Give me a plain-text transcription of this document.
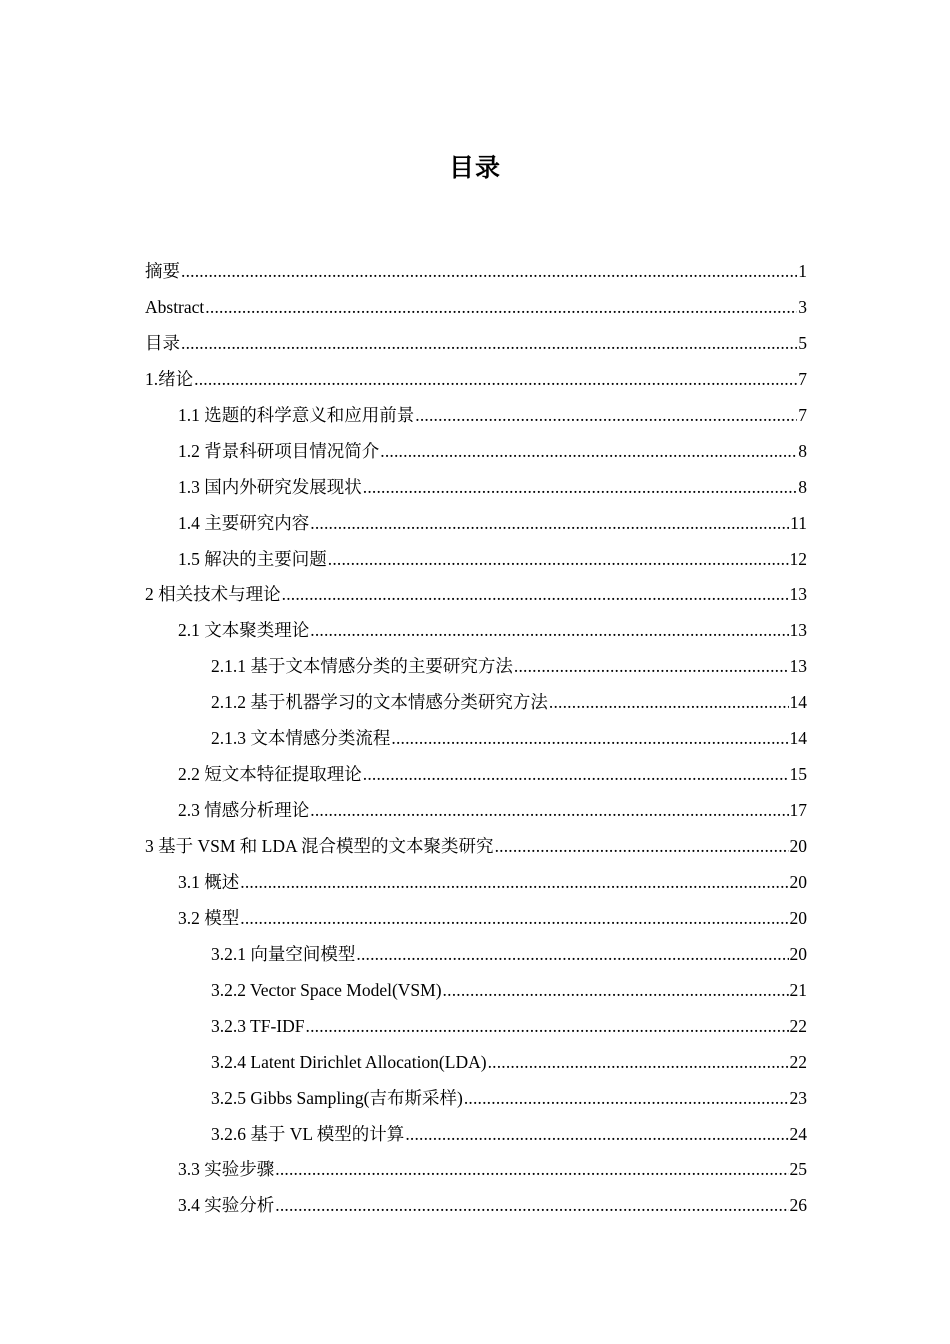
目录
摘要 .....	1
Abstract .....	3
目录 .....	5
1.绪论 .....	7
1.1 选题的科学意义和应用前景 .....	7
1.2 背景科研项目情况简介 .....	8
1.3 国内外研究发展现状 .....	8
1.4 主要研究内容 .....	11
1.5 解决的主要问题 .....	12
2 相关技术与理论 .....	13
2.1 文本聚类理论 .....	13
2.1.1 基于文本情感分类的主要研究方法 .....	13
2.1.2 基于机器学习的文本情感分类研究方法 .....	14
2.1.3 文本情感分类流程 .....	14
2.2 短文本特征提取理论 .....	15
2.3 情感分析理论 .....	17
3 基于 VSM 和 LDA 混合模型的文本聚类研究 .....	20
3.1 概述 .....	20
3.2 模型 .....	20
3.2.1 向量空间模型 .....	20
3.2.2 Vector Space Model(VSM) .....	21
3.2.3 TF-IDF .....	22
3.2.4 Latent Dirichlet Allocation(LDA) .....	22
3.2.5 Gibbs Sampling(吉布斯采样) .....	23
3.2.6 基于 VL 模型的计算 .....	24
3.3 实验步骤 .....	25
3.4 实验分析 .....	26
